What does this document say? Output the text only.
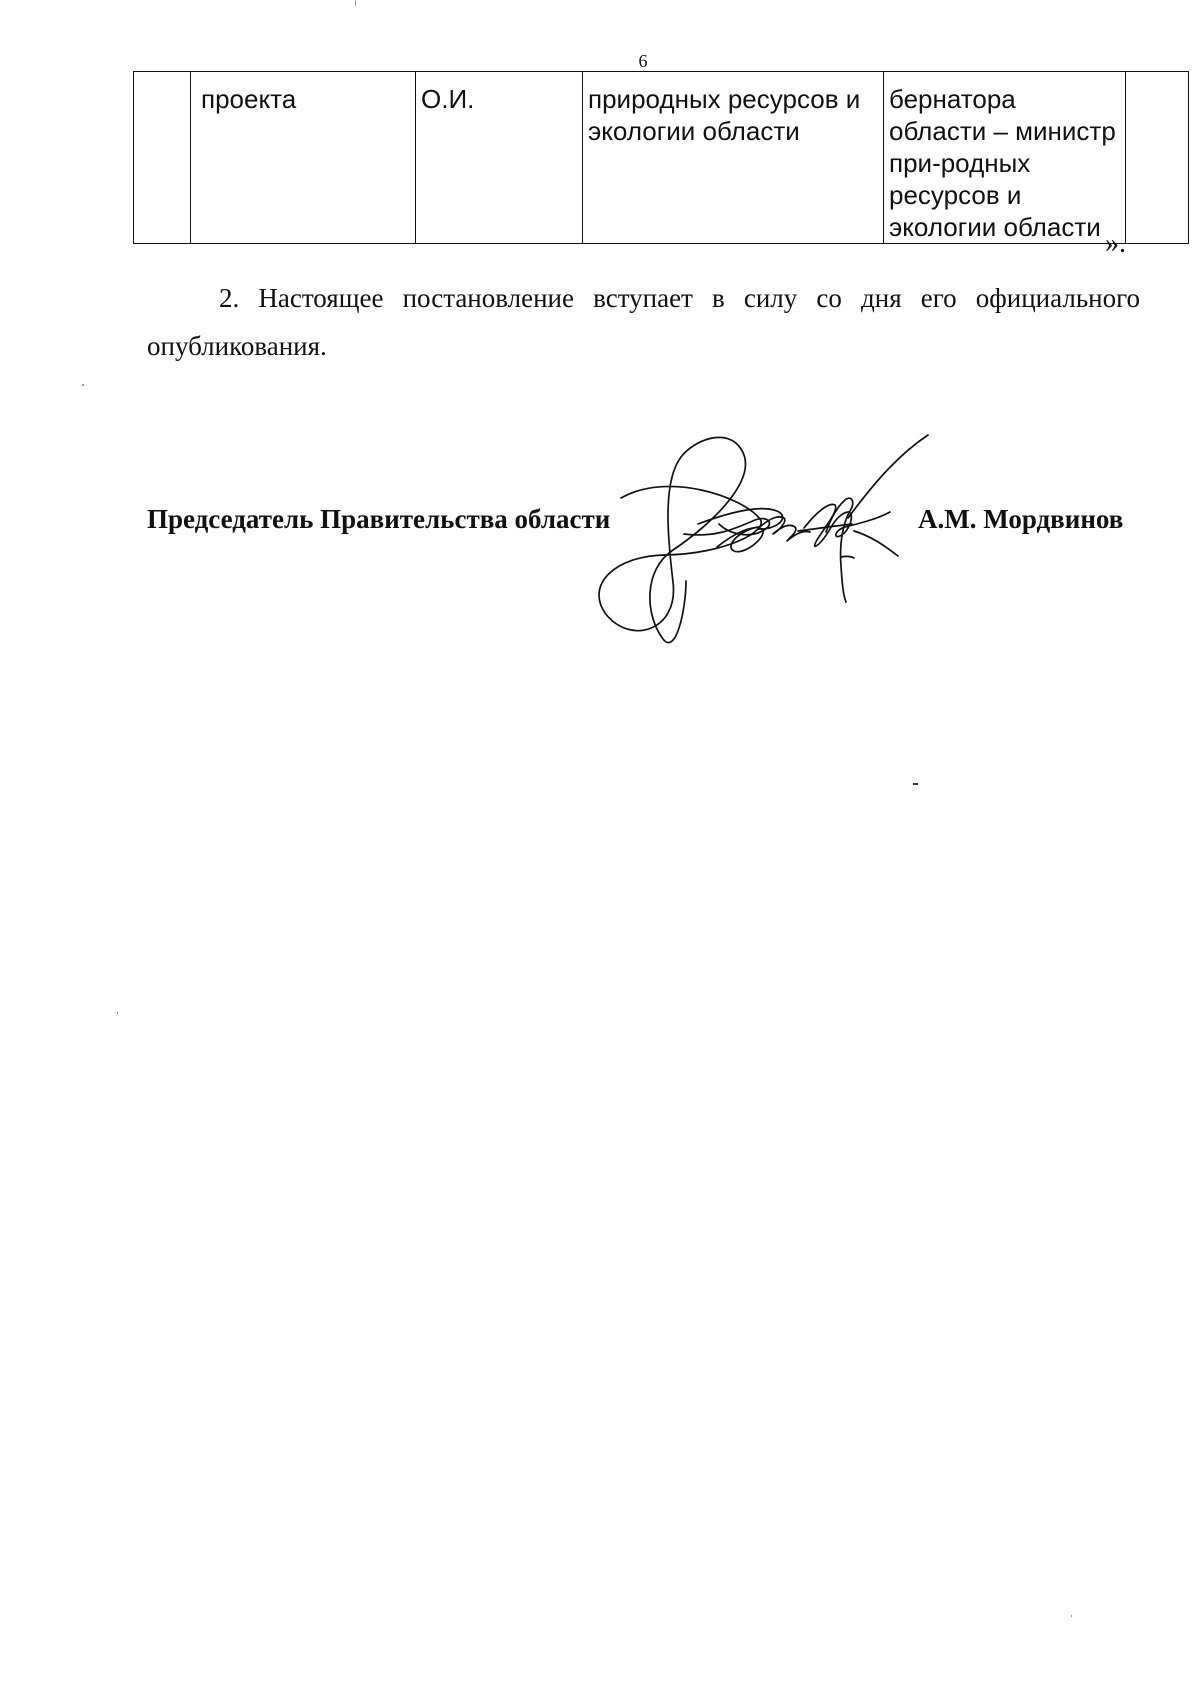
6
	проекта	О.И.	природных ресурсов и экологии области	бернатора области – министр при-родных ресурсов и экологии области	
».

2. Настоящее постановление вступает в силу со дня его официального опубликования.

Председатель Правительства области	А.М. Мордвинов
